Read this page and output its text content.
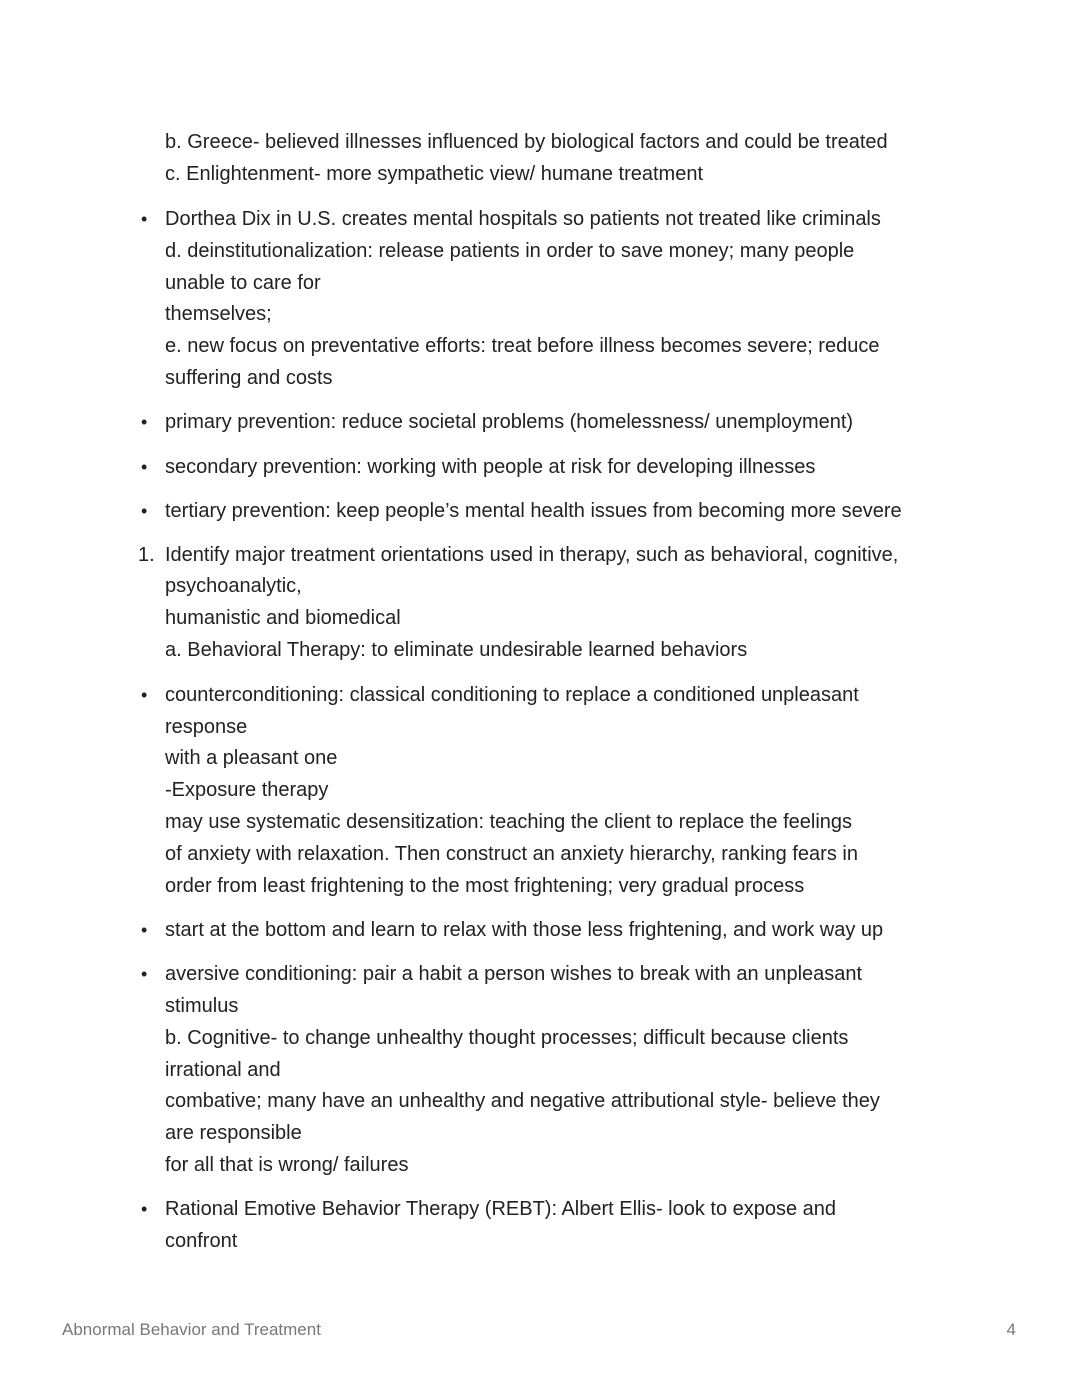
b. Greece- believed illnesses influenced by biological factors and could be treated
c. Enlightenment- more sympathetic view/ humane treatment
• Dorthea Dix in U.S. creates mental hospitals so patients not treated like criminals
d. deinstitutionalization: release patients in order to save money; many people
unable to care for
themselves;
e. new focus on preventative efforts: treat before illness becomes severe; reduce
suffering and costs
• primary prevention: reduce societal problems (homelessness/ unemployment)
• secondary prevention: working with people at risk for developing illnesses
• tertiary prevention: keep people’s mental health issues from becoming more severe
1. Identify major treatment orientations used in therapy, such as behavioral, cognitive,
psychoanalytic,
humanistic and biomedical
a. Behavioral Therapy: to eliminate undesirable learned behaviors
• counterconditioning: classical conditioning to replace a conditioned unpleasant
response
with a pleasant one
-Exposure therapy
may use systematic desensitization: teaching the client to replace the feelings
of anxiety with relaxation. Then construct an anxiety hierarchy, ranking fears in
order from least frightening to the most frightening; very gradual process
• start at the bottom and learn to relax with those less frightening, and work way up
• aversive conditioning: pair a habit a person wishes to break with an unpleasant
stimulus
b. Cognitive- to change unhealthy thought processes; difficult because clients
irrational and
combative; many have an unhealthy and negative attributional style- believe they
are responsible
for all that is wrong/ failures
• Rational Emotive Behavior Therapy (REBT): Albert Ellis- look to expose and
confront
Abnormal Behavior and Treatment	4
